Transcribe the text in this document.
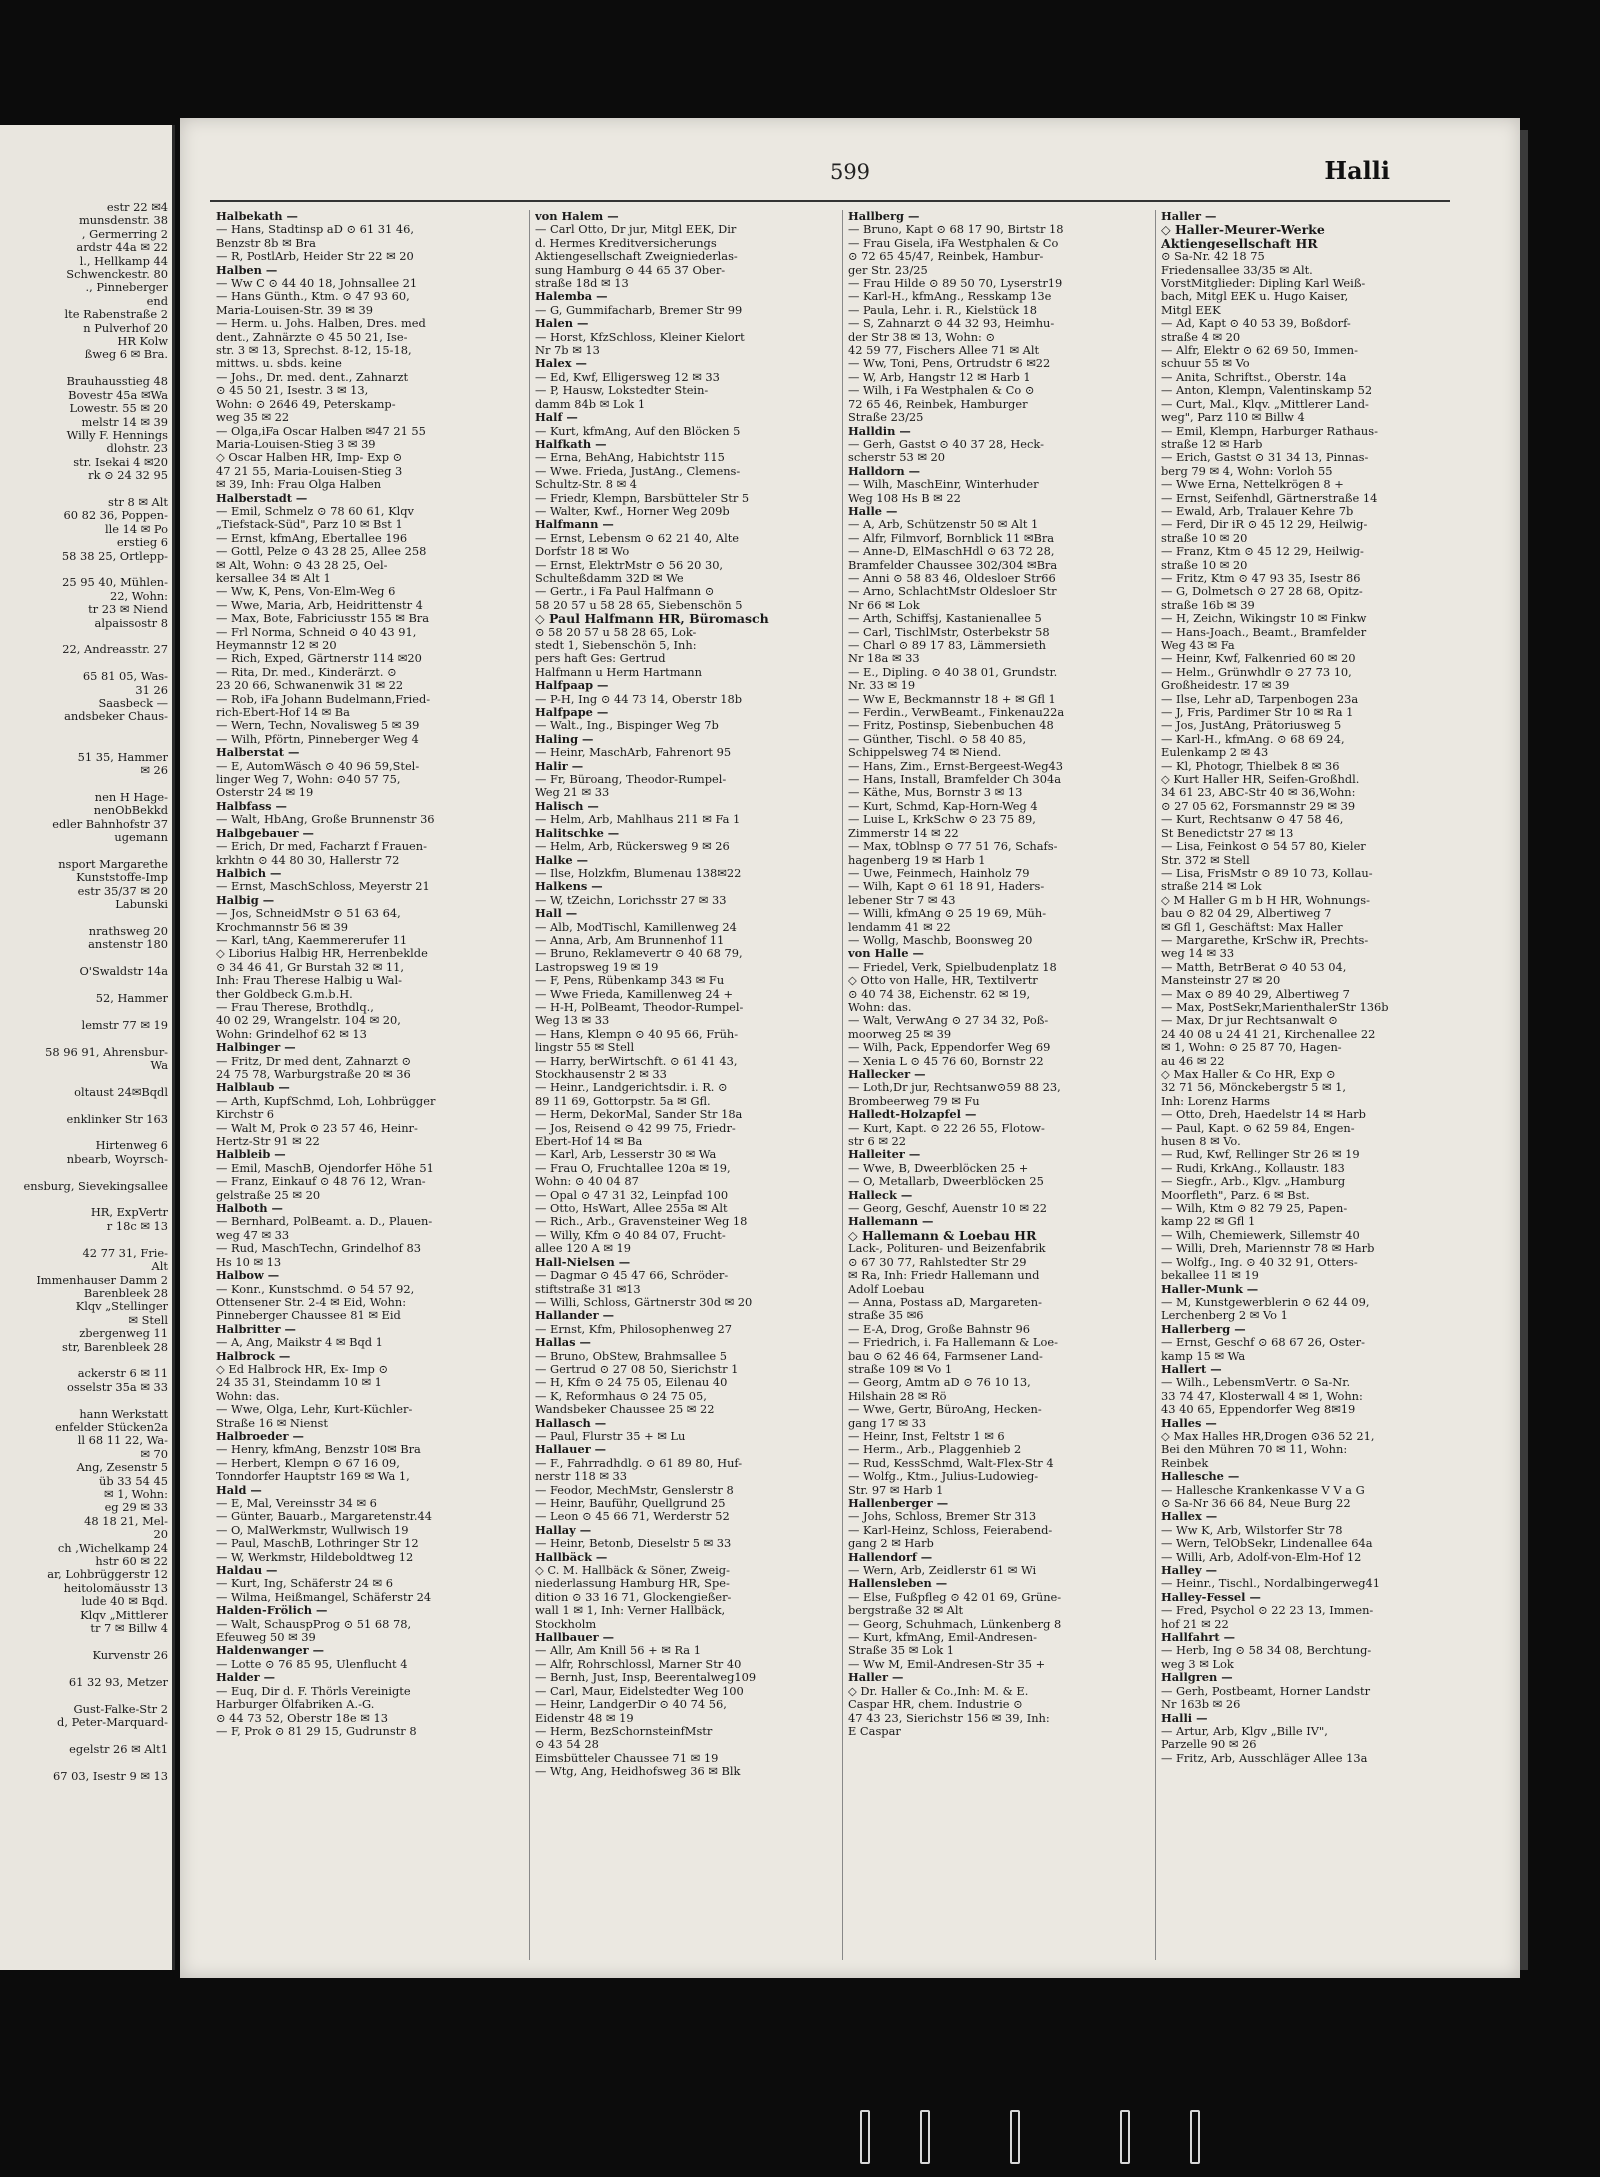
estr 22 ✉4
munsdenstr. 38
, Germerring 2
ardstr 44a ✉ 22
l., Hellkamp 44
Schwenckestr. 80
., Pinneberger
end
lte Rabenstraße 2
n Pulverhof 20
HR Kolw
ßweg 6 ✉ Bra.

Brauhausstieg 48
Bovestr 45a ✉Wa
Lowestr. 55 ✉ 20
melstr 14 ✉ 39
Willy F. Hennings
dlohstr. 23
str. Isekai 4 ✉20
rk ⊙ 24 32 95

str 8 ✉ Alt
60 82 36, Poppen-
lle 14 ✉ Po
erstieg 6
58 38 25, Ortlepp-

25 95 40, Mühlen-
22, Wohn:
tr 23 ✉ Niend
alpaissostr 8

22, Andreasstr. 27

65 81 05, Was-
31 26
Saasbeck —
andsbeker Chaus-

51 35, Hammer
✉ 26

nen H Hage-
nenObBekkd
edler Bahnhofstr 37
ugemann

nsport Margarethe
Kunststoffe-Imp
estr 35/37 ✉ 20
Labunski

nrathsweg 20
anstenstr 180

O'Swaldstr 14a

52, Hammer

lemstr 77 ✉ 19

58 96 91, Ahrensbur-
Wa

oltaust 24✉Bqdl

enklinker Str 163

Hirtenweg 6
nbearb, Woyrsch-

ensburg, Sievekingsallee

HR, ExpVertr
r 18c ✉ 13

42 77 31, Frie-
Alt
Immenhauser Damm 2
Barenbleek 28
Klqv „Stellinger
✉ Stell
zbergenweg 11
str, Barenbleek 28

ackerstr 6 ✉ 11
osselstr 35a ✉ 33

hann Werkstatt
enfelder Stücken2a
ll 68 11 22, Wa-
✉ 70
Ang, Zesenstr 5
üb 33 54 45
✉ 1, Wohn:
eg 29 ✉ 33
48 18 21, Mel-
20
ch ,Wichelkamp 24
hstr 60 ✉ 22
ar, Lohbrüggerstr 12
heitolomäusstr 13
lude 40 ✉ Bqd.
Klqv „Mittlerer
tr 7 ✉ Billw 4

Kurvenstr 26

61 32 93, Metzer

Gust-Falke-Str 2
d, Peter-Marquard-

egelstr 26 ✉ Alt1

67 03, Isestr 9 ✉ 13
599	Halli
Halbekath —
— Hans, Stadtinsp aD ⊙ 61 31 46,
Benzstr 8b ✉ Bra
— R, PostlArb, Heider Str 22 ✉ 20
Halben —
— Ww C ⊙ 44 40 18, Johnsallee 21
— Hans Günth., Ktm. ⊙ 47 93 60,
Maria-Louisen-Str. 39 ✉ 39
— Herm. u. Johs. Halben, Dres. med
dent., Zahnärzte ⊙ 45 50 21, Ise-
str. 3 ✉ 13, Sprechst. 8-12, 15-18,
mittws. u. sbds. keine
— Johs., Dr. med. dent., Zahnarzt
⊙ 45 50 21, Isestr. 3 ✉ 13,
Wohn: ⊙ 2646 49, Peterskamp-
weg 35 ✉ 22
— Olga,iFa Oscar Halben ✉47 21 55
Maria-Louisen-Stieg 3 ✉ 39
◇ Oscar Halben HR, Imp- Exp ⊙
47 21 55, Maria-Louisen-Stieg 3
✉ 39, Inh: Frau Olga Halben
Halberstadt —
— Emil, Schmelz ⊙ 78 60 61, Klqv
„Tiefstack-Süd", Parz 10 ✉ Bst 1
— Ernst, kfmAng, Ebertallee 196
— Gottl, Pelze ⊙ 43 28 25, Allee 258
✉ Alt, Wohn: ⊙ 43 28 25, Oel-
kersallee 34 ✉ Alt 1
— Ww, K, Pens, Von-Elm-Weg 6
— Wwe, Maria, Arb, Heidrittenstr 4
— Max, Bote, Fabriciusstr 155 ✉ Bra
— Frl Norma, Schneid ⊙ 40 43 91,
Heymannstr 12 ✉ 20
— Rich, Exped, Gärtnerstr 114 ✉20
— Rita, Dr. med., Kinderärzt. ⊙
23 20 66, Schwanenwik 31 ✉ 22
— Rob, iFa Johann Budelmann,Fried-
rich-Ebert-Hof 14 ✉ Ba
— Wern, Techn, Novalisweg 5 ✉ 39
— Wilh, Pförtn, Pinneberger Weg 4
Halberstat —
— E, AutomWäsch ⊙ 40 96 59,Stel-
linger Weg 7, Wohn: ⊙40 57 75,
Osterstr 24 ✉ 19
Halbfass —
— Walt, HbAng, Große Brunnenstr 36
Halbgebauer —
— Erich, Dr med, Facharzt f Frauen-
krkhtn ⊙ 44 80 30, Hallerstr 72
Halbich —
— Ernst, MaschSchloss, Meyerstr 21
Halbig —
— Jos, SchneidMstr ⊙ 51 63 64,
Krochmannstr 56 ✉ 39
— Karl, tAng, Kaemmererufer 11
◇ Liborius Halbig HR, Herrenbeklde
⊙ 34 46 41, Gr Burstah 32 ✉ 11,
Inh: Frau Therese Halbig u Wal-
ther Goldbeck G.m.b.H.
— Frau Therese, Brothdlq.,
40 02 29, Wrangelstr. 104 ✉ 20,
Wohn: Grindelhof 62 ✉ 13
Halbinger —
— Fritz, Dr med dent, Zahnarzt ⊙
24 75 78, Warburgstraße 20 ✉ 36
Halblaub —
— Arth, KupfSchmd, Loh, Lohbrügger
Kirchstr 6
— Walt M, Prok ⊙ 23 57 46, Heinr-
Hertz-Str 91 ✉ 22
Halbleib —
— Emil, MaschB, Ojendorfer Höhe 51
— Franz, Einkauf ⊙ 48 76 12, Wran-
gelstraße 25 ✉ 20
Halboth —
— Bernhard, PolBeamt. a. D., Plauen-
weg 47 ✉ 33
— Rud, MaschTechn, Grindelhof 83
Hs 10 ✉ 13
Halbow —
— Konr., Kunstschmd. ⊙ 54 57 92,
Ottensener Str. 2-4 ✉ Eid, Wohn:
Pinneberger Chaussee 81 ✉ Eid
Halbritter —
— A, Ang, Maikstr 4 ✉ Bqd 1
Halbrock —
◇ Ed Halbrock HR, Ex- Imp ⊙
24 35 31, Steindamm 10 ✉ 1
Wohn: das.
— Wwe, Olga, Lehr, Kurt-Küchler-
Straße 16 ✉ Nienst
Halbroeder —
— Henry, kfmAng, Benzstr 10✉ Bra
— Herbert, Klempn ⊙ 67 16 09,
Tonndorfer Hauptstr 169 ✉ Wa 1,
Hald —
— E, Mal, Vereinsstr 34 ✉ 6
— Günter, Bauarb., Margaretenstr.44
— O, MalWerkmstr, Wullwisch 19
— Paul, MaschB, Lothringer Str 12
— W, Werkmstr, Hildeboldtweg 12
Haldau —
— Kurt, Ing, Schäferstr 24 ✉ 6
— Wilma, Heißmangel, Schäferstr 24
Halden-Frölich —
— Walt, SchauspProg ⊙ 51 68 78,
Efeuweg 50 ✉ 39
Haldenwanger —
— Lotte ⊙ 76 85 95, Ulenflucht 4
Halder —
— Euq, Dir d. F. Thörls Vereinigte
Harburger Ölfabriken A.-G.
⊙ 44 73 52, Oberstr 18e ✉ 13
— F, Prok ⊙ 81 29 15, Gudrunstr 8
von Halem —
— Carl Otto, Dr jur, Mitgl EEK, Dir
d. Hermes Kreditversicherungs
Aktiengesellschaft Zweigniederlas-
sung Hamburg ⊙ 44 65 37 Ober-
straße 18d ✉ 13
Halemba —
— G, Gummifacharb, Bremer Str 99
Halen —
— Horst, KfzSchloss, Kleiner Kielort
Nr 7b ✉ 13
Halex —
— Ed, Kwf, Elligersweg 12 ✉ 33
— P, Hausw, Lokstedter Stein-
damm 84b ✉ Lok 1
Half —
— Kurt, kfmAng, Auf den Blöcken 5
Halfkath —
— Erna, BehAng, Habichtstr 115
— Wwe. Frieda, JustAng., Clemens-
Schultz-Str. 8 ✉ 4
— Friedr, Klempn, Barsbütteler Str 5
— Walter, Kwf., Horner Weg 209b
Halfmann —
— Ernst, Lebensm ⊙ 62 21 40, Alte
Dorfstr 18 ✉ Wo
— Ernst, ElektrMstr ⊙ 56 20 30,
Schulteßdamm 32D ✉ We
— Gertr., i Fa Paul Halfmann ⊙
58 20 57 u 58 28 65, Siebenschön 5
◇ Paul Halfmann HR, Büromasch
⊙ 58 20 57 u 58 28 65, Lok-
stedt 1, Siebenschön 5, Inh:
pers haft Ges: Gertrud
Halfmann u Herm Hartmann
Halfpaap —
— P-H, Ing ⊙ 44 73 14, Oberstr 18b
Halfpape —
— Walt., Ing., Bispinger Weg 7b
Haling —
— Heinr, MaschArb, Fahrenort 95
Halir —
— Fr, Büroang, Theodor-Rumpel-
Weg 21 ✉ 33
Halisch —
— Helm, Arb, Mahlhaus 211 ✉ Fa 1
Halitschke —
— Helm, Arb, Rückersweg 9 ✉ 26
Halke —
— Ilse, Holzkfm, Blumenau 138✉22
Halkens —
— W, tZeichn, Lorichsstr 27 ✉ 33
Hall —
— Alb, ModTischl, Kamillenweg 24
— Anna, Arb, Am Brunnenhof 11
— Bruno, Reklamevertr ⊙ 40 68 79,
Lastropsweg 19 ✉ 19
— F, Pens, Rübenkamp 343 ✉ Fu
— Wwe Frieda, Kamillenweg 24 +
— H-H, PolBeamt, Theodor-Rumpel-
Weg 13 ✉ 33
— Hans, Klempn ⊙ 40 95 66, Früh-
lingstr 55 ✉ Stell
— Harry, berWirtschft. ⊙ 61 41 43,
Stockhausenstr 2 ✉ 33
— Heinr., Landgerichtsdir. i. R. ⊙
89 11 69, Gottorpstr. 5a ✉ Gfl.
— Herm, DekorMal, Sander Str 18a
— Jos, Reisend ⊙ 42 99 75, Friedr-
Ebert-Hof 14 ✉ Ba
— Karl, Arb, Lesserstr 30 ✉ Wa
— Frau O, Fruchtallee 120a ✉ 19,
Wohn: ⊙ 40 04 87
— Opal ⊙ 47 31 32, Leinpfad 100
— Otto, HsWart, Allee 255a ✉ Alt
— Rich., Arb., Gravensteiner Weg 18
— Willy, Kfm ⊙ 40 84 07, Frucht-
allee 120 A ✉ 19
Hall-Nielsen —
— Dagmar ⊙ 45 47 66, Schröder-
stiftstraße 31 ✉13
— Willi, Schloss, Gärtnerstr 30d ✉ 20
Hallander —
— Ernst, Kfm, Philosophenweg 27
Hallas —
— Bruno, ObStew, Brahmsallee 5
— Gertrud ⊙ 27 08 50, Sierichstr 1
— H, Kfm ⊙ 24 75 05, Eilenau 40
— K, Reformhaus ⊙ 24 75 05,
Wandsbeker Chaussee 25 ✉ 22
Hallasch —
— Paul, Flurstr 35 + ✉ Lu
Hallauer —
— F., Fahrradhdlg. ⊙ 61 89 80, Huf-
nerstr 118 ✉ 33
— Feodor, MechMstr, Genslerstr 8
— Heinr, Bauführ, Quellgrund 25
— Leon ⊙ 45 66 71, Werderstr 52
Hallay —
— Heinr, Betonb, Dieselstr 5 ✉ 33
Hallbäck —
◇ C. M. Hallbäck & Söner, Zweig-
niederlassung Hamburg HR, Spe-
dition ⊙ 33 16 71, Glockengießer-
wall 1 ✉ 1, Inh: Verner Hallbäck,
Stockholm
Hallbauer —
— Allr, Am Knill 56 + ✉ Ra 1
— Alfr, Rohrschlossl, Marner Str 40
— Bernh, Just, Insp, Beerentalweg109
— Carl, Maur, Eidelstedter Weg 100
— Heinr, LandgerDir ⊙ 40 74 56,
Eidenstr 48 ✉ 19
— Herm, BezSchornsteinfMstr
⊙ 43 54 28
Eimsbütteler Chaussee 71 ✉ 19
— Wtg, Ang, Heidhofsweg 36 ✉ Blk
Hallberg —
— Bruno, Kapt ⊙ 68 17 90, Birtstr 18
— Frau Gisela, iFa Westphalen & Co
⊙ 72 65 45/47, Reinbek, Hambur-
ger Str. 23/25
— Frau Hilde ⊙ 89 50 70, Lyserstr19
— Karl-H., kfmAng., Resskamp 13e
— Paula, Lehr. i. R., Kielstück 18
— S, Zahnarzt ⊙ 44 32 93, Heimhu-
der Str 38 ✉ 13, Wohn: ⊙
42 59 77, Fischers Allee 71 ✉ Alt
— Ww, Toni, Pens, Ortrudstr 6 ✉22
— W, Arb, Hangstr 12 ✉ Harb 1
— Wilh, i Fa Westphalen & Co ⊙
72 65 46, Reinbek, Hamburger
Straße 23/25
Halldin —
— Gerh, Gastst ⊙ 40 37 28, Heck-
scherstr 53 ✉ 20
Halldorn —
— Wilh, MaschEinr, Winterhuder
Weg 108 Hs B ✉ 22
Halle —
— A, Arb, Schützenstr 50 ✉ Alt 1
— Alfr, Filmvorf, Bornblick 11 ✉Bra
— Anne-D, ElMaschHdl ⊙ 63 72 28,
Bramfelder Chaussee 302/304 ✉Bra
— Anni ⊙ 58 83 46, Oldesloer Str66
— Arno, SchlachtMstr Oldesloer Str
Nr 66 ✉ Lok
— Arth, Schiffsj, Kastanienallee 5
— Carl, TischlMstr, Osterbekstr 58
— Charl ⊙ 89 17 83, Lämmersieth
Nr 18a ✉ 33
— E., Dipling. ⊙ 40 38 01, Grundstr.
Nr. 33 ✉ 19
— Ww E, Beckmannstr 18 + ✉ Gfl 1
— Ferdin., VerwBeamt., Finkenau22a
— Fritz, Postinsp, Siebenbuchen 48
— Günther, Tischl. ⊙ 58 40 85,
Schippelsweg 74 ✉ Niend.
— Hans, Zim., Ernst-Bergeest-Weg43
— Hans, Install, Bramfelder Ch 304a
— Käthe, Mus, Bornstr 3 ✉ 13
— Kurt, Schmd, Kap-Horn-Weg 4
— Luise L, KrkSchw ⊙ 23 75 89,
Zimmerstr 14 ✉ 22
— Max, tOblnsp ⊙ 77 51 76, Schafs-
hagenberg 19 ✉ Harb 1
— Uwe, Feinmech, Hainholz 79
— Wilh, Kapt ⊙ 61 18 91, Haders-
lebener Str 7 ✉ 43
— Willi, kfmAng ⊙ 25 19 69, Müh-
lendamm 41 ✉ 22
— Wollg, Maschb, Boonsweg 20
von Halle —
— Friedel, Verk, Spielbudenplatz 18
◇ Otto von Halle, HR, Textilvertr
⊙ 40 74 38, Eichenstr. 62 ✉ 19,
Wohn: das.
— Walt, VerwAng ⊙ 27 34 32, Poß-
moorweg 25 ✉ 39
— Wilh, Pack, Eppendorfer Weg 69
— Xenia L ⊙ 45 76 60, Bornstr 22
Hallecker —
— Loth,Dr jur, Rechtsanw⊙59 88 23,
Brombeerweg 79 ✉ Fu
Halledt-Holzapfel —
— Kurt, Kapt. ⊙ 22 26 55, Flotow-
str 6 ✉ 22
Halleiter —
— Wwe, B, Dweerblöcken 25 +
— O, Metallarb, Dweerblöcken 25
Halleck —
— Georg, Geschf, Auenstr 10 ✉ 22
Hallemann —
◇ Hallemann & Loebau HR
Lack-, Polituren- und Beizenfabrik
⊙ 67 30 77, Rahlstedter Str 29
✉ Ra, Inh: Friedr Hallemann und
Adolf Loebau
— Anna, Postass aD, Margareten-
straße 35 ✉6
— E-A, Drog, Große Bahnstr 96
— Friedrich, i. Fa Hallemann & Loe-
bau ⊙ 62 46 64, Farmsener Land-
straße 109 ✉ Vo 1
— Georg, Amtm aD ⊙ 76 10 13,
Hilshain 28 ✉ Rö
— Wwe, Gertr, BüroAng, Hecken-
gang 17 ✉ 33
— Heinr, Inst, Feltstr 1 ✉ 6
— Herm., Arb., Plaggenhieb 2
— Rud, KessSchmd, Walt-Flex-Str 4
— Wolfg., Ktm., Julius-Ludowieg-
Str. 97 ✉ Harb 1
Hallenberger —
— Johs, Schloss, Bremer Str 313
— Karl-Heinz, Schloss, Feierabend-
gang 2 ✉ Harb
Hallendorf —
— Wern, Arb, Zeidlerstr 61 ✉ Wi
Hallensleben —
— Else, Fußpfleg ⊙ 42 01 69, Grüne-
bergstraße 32 ✉ Alt
— Georg, Schuhmach, Lünkenberg 8
— Kurt, kfmAng, Emil-Andresen-
Straße 35 ✉ Lok 1
— Ww M, Emil-Andresen-Str 35 +
Haller —
◇ Dr. Haller & Co.,Inh: M. & E.
Caspar HR, chem. Industrie ⊙
47 43 23, Sierichstr 156 ✉ 39, Inh:
E Caspar
Haller —
◇ Haller-Meurer-Werke
Aktiengesellschaft HR
⊙ Sa-Nr. 42 18 75
Friedensallee 33/35 ✉ Alt.
VorstMitglieder: Dipling Karl Weiß-
bach, Mitgl EEK u. Hugo Kaiser,
Mitgl EEK
— Ad, Kapt ⊙ 40 53 39, Boßdorf-
straße 4 ✉ 20
— Alfr, Elektr ⊙ 62 69 50, Immen-
schuur 55 ✉ Vo
— Anita, Schriftst., Oberstr. 14a
— Anton, Klempn, Valentinskamp 52
— Curt, Mal., Klqv. „Mittlerer Land-
weg", Parz 110 ✉ Billw 4
— Emil, Klempn, Harburger Rathaus-
straße 12 ✉ Harb
— Erich, Gastst ⊙ 31 34 13, Pinnas-
berg 79 ✉ 4, Wohn: Vorloh 55
— Wwe Erna, Nettelkrögen 8 +
— Ernst, Seifenhdl, Gärtnerstraße 14
— Ewald, Arb, Tralauer Kehre 7b
— Ferd, Dir iR ⊙ 45 12 29, Heilwig-
straße 10 ✉ 20
— Franz, Ktm ⊙ 45 12 29, Heilwig-
straße 10 ✉ 20
— Fritz, Ktm ⊙ 47 93 35, Isestr 86
— G, Dolmetsch ⊙ 27 28 68, Opitz-
straße 16b ✉ 39
— H, Zeichn, Wikingstr 10 ✉ Finkw
— Hans-Joach., Beamt., Bramfelder
Weg 43 ✉ Fa
— Heinr, Kwf, Falkenried 60 ✉ 20
— Helm., Grünwhdlr ⊙ 27 73 10,
Großheidestr. 17 ✉ 39
— Ilse, Lehr aD, Tarpenbogen 23a
— J, Fris, Pardimer Str 10 ✉ Ra 1
— Jos, JustAng, Prätoriusweg 5
— Karl-H., kfmAng. ⊙ 68 69 24,
Eulenkamp 2 ✉ 43
— Kl, Photogr, Thielbek 8 ✉ 36
◇ Kurt Haller HR, Seifen-Großhdl.
34 61 23, ABC-Str 40 ✉ 36,Wohn:
⊙ 27 05 62, Forsmannstr 29 ✉ 39
— Kurt, Rechtsanw ⊙ 47 58 46,
St Benedictstr 27 ✉ 13
— Lisa, Feinkost ⊙ 54 57 80, Kieler
Str. 372 ✉ Stell
— Lisa, FrisMstr ⊙ 89 10 73, Kollau-
straße 214 ✉ Lok
◇ M Haller G m b H HR, Wohnungs-
bau ⊙ 82 04 29, Albertiweg 7
✉ Gfl 1, Geschäftst: Max Haller
— Margarethe, KrSchw iR, Prechts-
weg 14 ✉ 33
— Matth, BetrBerat ⊙ 40 53 04,
Mansteinstr 27 ✉ 20
— Max ⊙ 89 40 29, Albertiweg 7
— Max, PostSekr,MarienthalerStr 136b
— Max, Dr jur Rechtsanwalt ⊙
24 40 08 u 24 41 21, Kirchenallee 22
✉ 1, Wohn: ⊙ 25 87 70, Hagen-
au 46 ✉ 22
◇ Max Haller & Co HR, Exp ⊙
32 71 56, Mönckebergstr 5 ✉ 1,
Inh: Lorenz Harms
— Otto, Dreh, Haedelstr 14 ✉ Harb
— Paul, Kapt. ⊙ 62 59 84, Engen-
husen 8 ✉ Vo.
— Rud, Kwf, Rellinger Str 26 ✉ 19
— Rudi, KrkAng., Kollaustr. 183
— Siegfr., Arb., Klgv. „Hamburg
Moorfleth", Parz. 6 ✉ Bst.
— Wilh, Ktm ⊙ 82 79 25, Papen-
kamp 22 ✉ Gfl 1
— Wilh, Chemiewerk, Sillemstr 40
— Willi, Dreh, Mariennstr 78 ✉ Harb
— Wolfg., Ing. ⊙ 40 32 91, Otters-
bekallee 11 ✉ 19
Haller-Munk —
— M, Kunstgewerblerin ⊙ 62 44 09,
Lerchenberg 2 ✉ Vo 1
Hallerberg —
— Ernst, Geschf ⊙ 68 67 26, Oster-
kamp 15 ✉ Wa
Hallert —
— Wilh., LebensmVertr. ⊙ Sa-Nr.
33 74 47, Klosterwall 4 ✉ 1, Wohn:
43 40 65, Eppendorfer Weg 8✉19
Halles —
◇ Max Halles HR,Drogen ⊙36 52 21,
Bei den Mühren 70 ✉ 11, Wohn:
Reinbek
Hallesche —
— Hallesche Krankenkasse V V a G
⊙ Sa-Nr 36 66 84, Neue Burg 22
Hallex —
— Ww K, Arb, Wilstorfer Str 78
— Wern, TelObSekr, Lindenallee 64a
— Willi, Arb, Adolf-von-Elm-Hof 12
Halley —
— Heinr., Tischl., Nordalbingerweg41
Halley-Fessel —
— Fred, Psychol ⊙ 22 23 13, Immen-
hof 21 ✉ 22
Hallfahrt —
— Herb, Ing ⊙ 58 34 08, Berchtung-
weg 3 ✉ Lok
Hallgren —
— Gerh, Postbeamt, Horner Landstr
Nr 163b ✉ 26
Halli —
— Artur, Arb, Klgv „Bille IV",
Parzelle 90 ✉ 26
— Fritz, Arb, Ausschläger Allee 13a
